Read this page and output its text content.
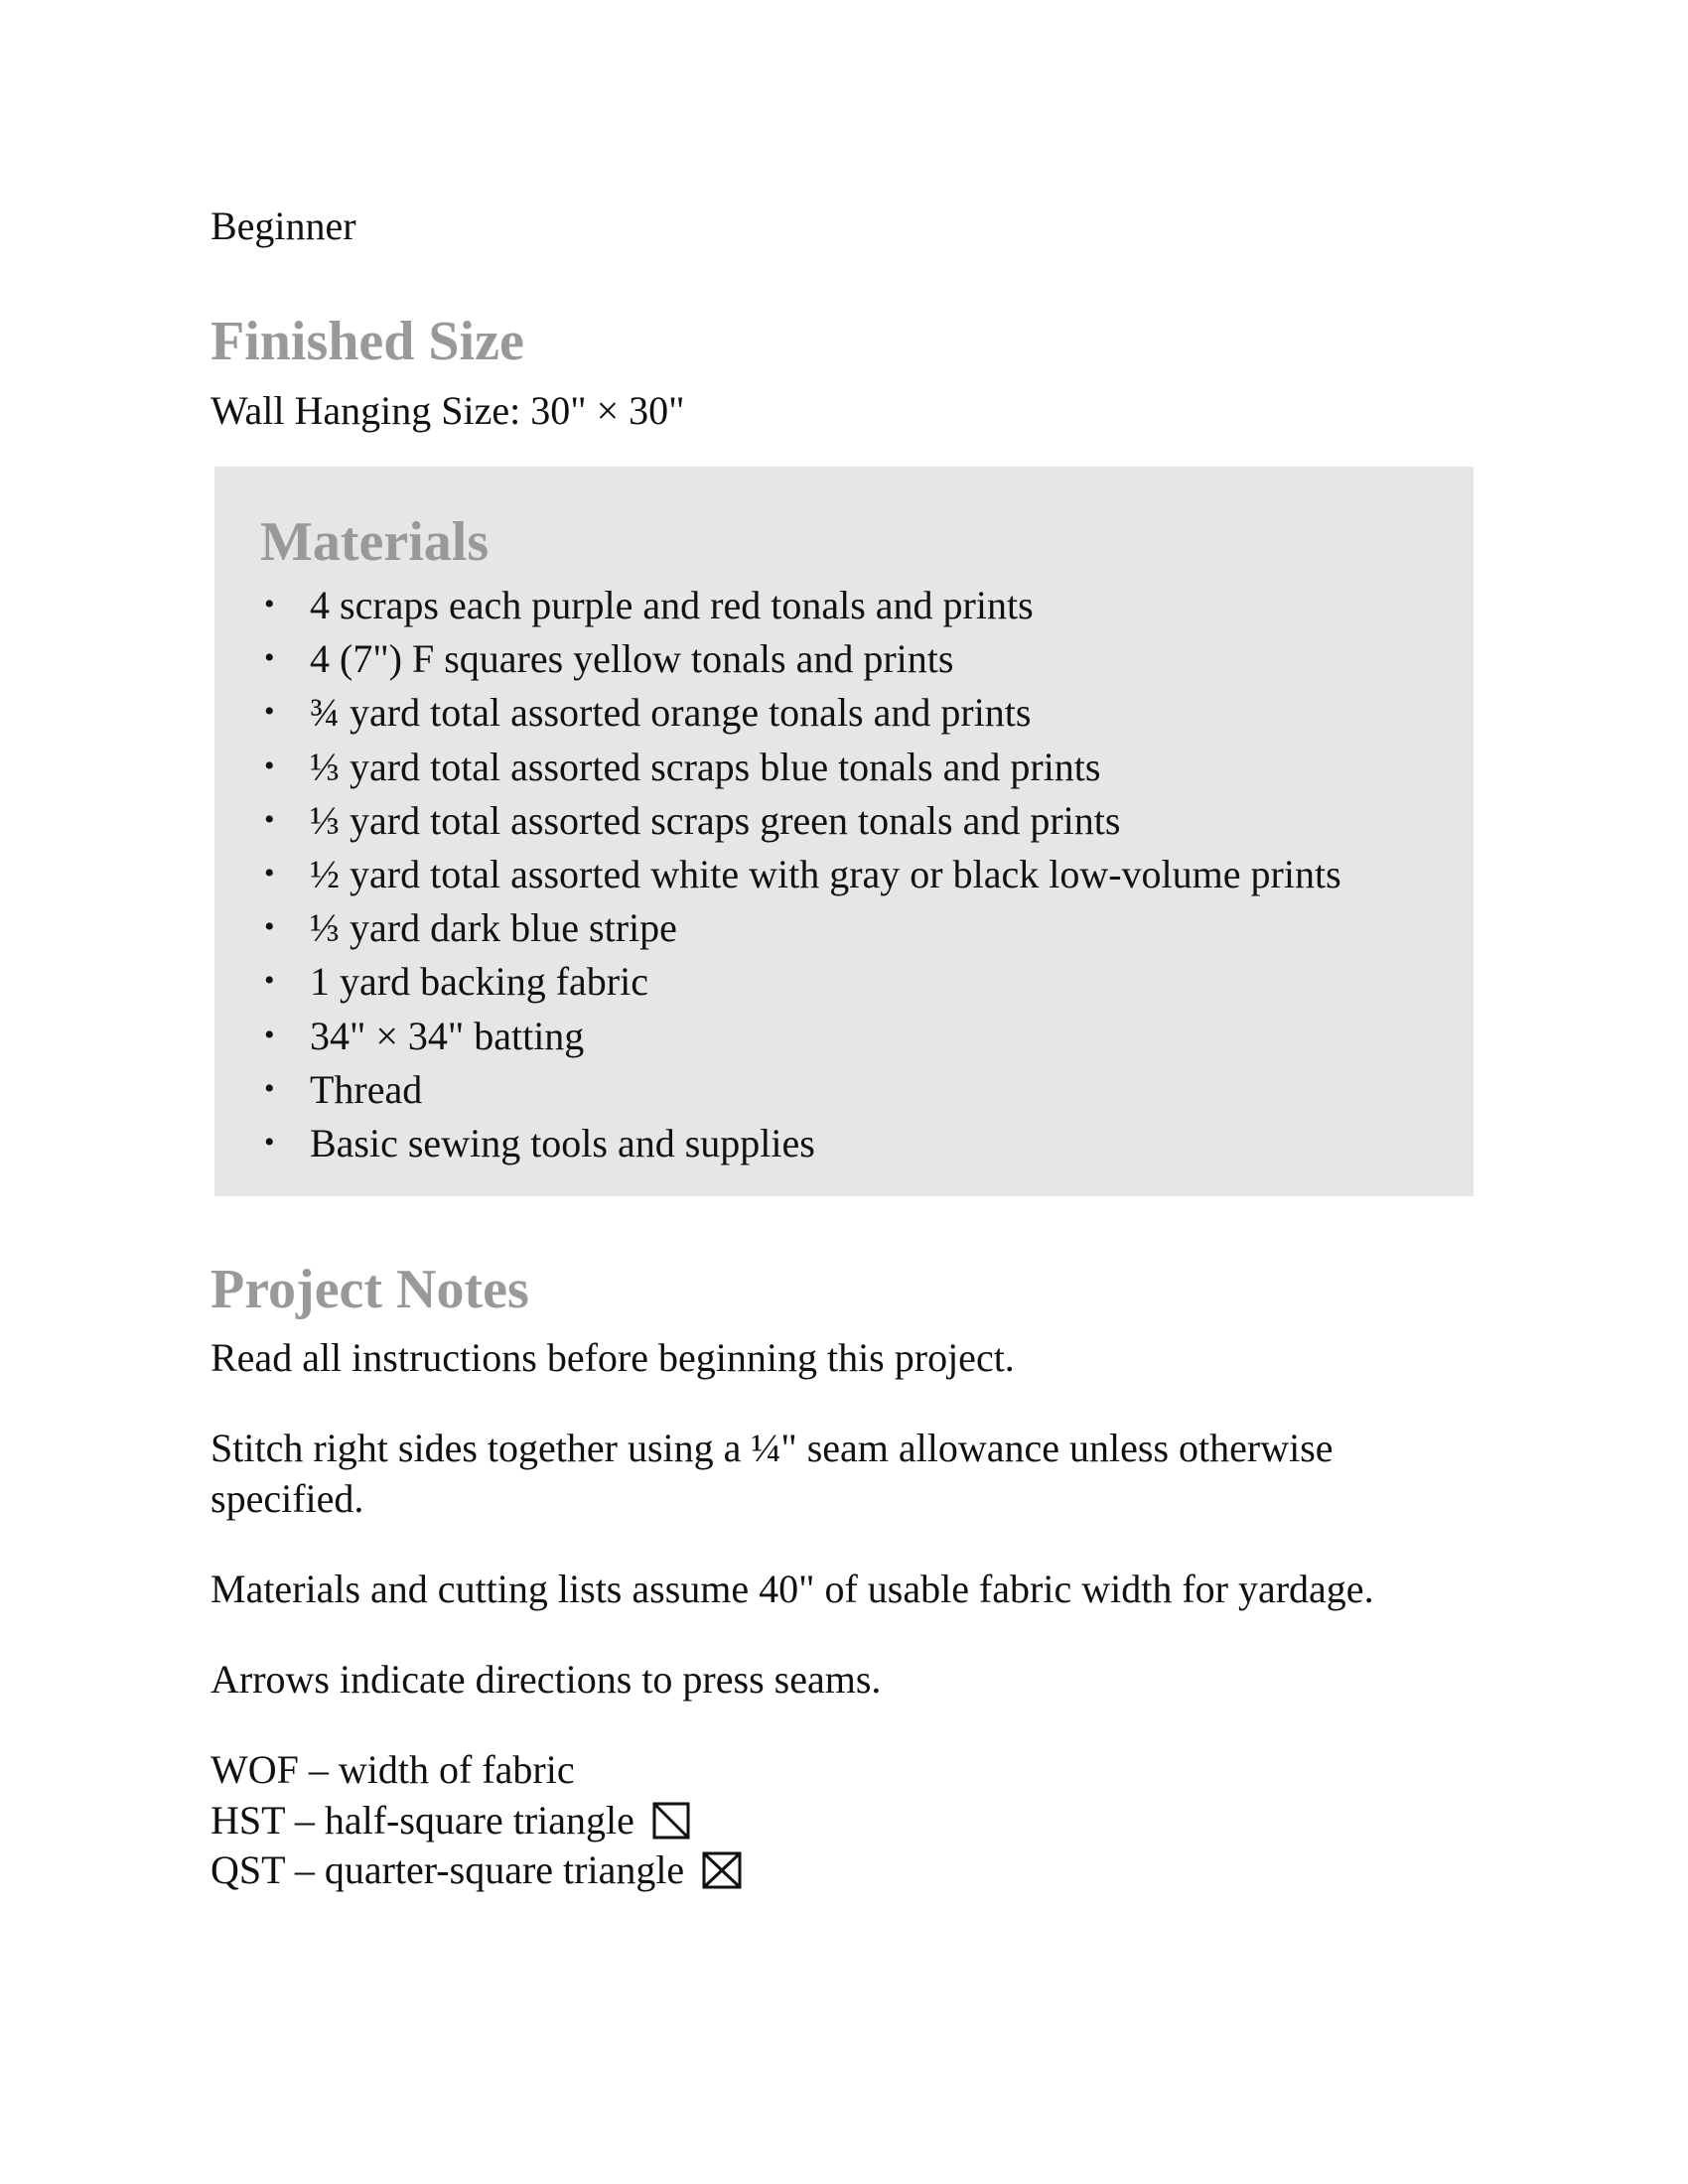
Beginner
Finished Size
Wall Hanging Size: 30" × 30"
Materials
• 4 scraps each purple and red tonals and prints
• 4 (7") F squares yellow tonals and prints
• ¾ yard total assorted orange tonals and prints
• ⅓ yard total assorted scraps blue tonals and prints
• ⅓ yard total assorted scraps green tonals and prints
• ½ yard total assorted white with gray or black low-volume prints
• ⅓ yard dark blue stripe
• 1 yard backing fabric
• 34" × 34" batting
• Thread
• Basic sewing tools and supplies
Project Notes
Read all instructions before beginning this project.
Stitch right sides together using a ¼" seam allowance unless otherwise
specified.
Materials and cutting lists assume 40" of usable fabric width for yardage.
Arrows indicate directions to press seams.
WOF – width of fabric
HST – half-square triangle
QST – quarter-square triangle
